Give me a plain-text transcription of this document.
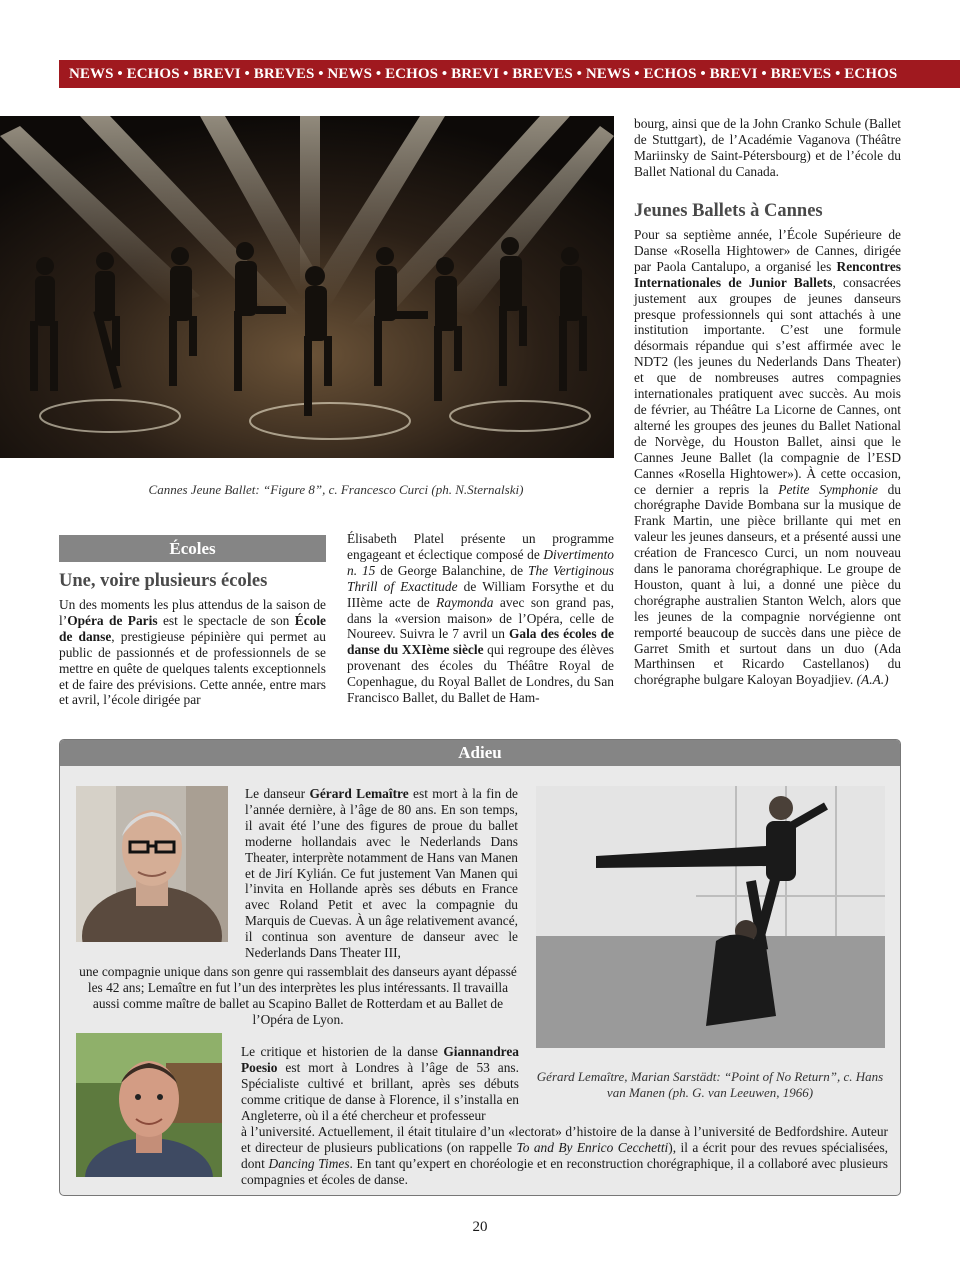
NEWS • ECHOS • BREVI • BREVES • NEWS • ECHOS • BREVI • BREVES • NEWS • ECHOS • BREVI • BREVES • ECHOS
Cannes Jeune Ballet: “Figure 8”, c. Francesco Curci (ph. N.Sternalski)

bourg, ainsi que de la John Cranko Schule (Ballet de Stuttgart), de l’Académie Vaganova (Théâtre Mariinsky de Saint-Pétersbourg) et de l’école du Ballet National du Canada.

Jeunes Ballets à Cannes

Pour sa septième année, l’École Supérieure de Danse «Rosella Hightower» de Cannes, dirigée par Paola Cantalupo, a organisé les Rencontres Internationales de Junior Ballets, consacrées justement aux groupes de jeunes danseurs presque professionnels qui sont attachés à une institution importante. C’est une formule désormais répandue qui s’est affirmée avec le NDT2 (les jeunes du Nederlands Dans Theater) et que de nombreuses autres compagnies internationales pratiquent avec succès. Au mois de février, au Théâtre La Licorne de Cannes, ont alterné les groupes des jeunes du Ballet National de Norvège, du Houston Ballet, ainsi que le Cannes Jeune Ballet (la compagnie de l’ESD Cannes «Rosella Hightower»). À cette occasion, ce dernier a repris la Petite Symphonie du chorégraphe Davide Bombana sur la musique de Frank Martin, une pièce brillante qui met en valeur les jeunes danseurs, et a présenté aussi une création de Francesco Curci, un nom nouveau dans le panorama chorégraphique. Le groupe de Houston, quant à lui, a donné une pièce du chorégraphe australien Stanton Welch, alors que les jeunes de la compagnie norvégienne ont remporté beaucoup de succès dans une pièce de Garret Smith et surtout dans un duo (Ada Marthinsen et Ricardo Castellanos) du chorégraphe bulgare Kaloyan Boyadjiev. (A.A.)

Écoles
Une, voire plusieurs écoles

Un des moments les plus attendus de la saison de l’Opéra de Paris est le spectacle de son École de danse, prestigieuse pépinière qui permet au public de passionnés et de professionnels de se mettre en quête de quelques talents exceptionnels et de faire des prévisions. Cette année, entre mars et avril, l’école dirigée par

Élisabeth Platel présente un programme engageant et éclectique composé de Divertimento n. 15 de George Balanchine, de The Vertiginous Thrill of Exactitude de William Forsythe et du IIIème acte de Raymonda avec son grand pas, dans la «version maison» de l’Opéra, celle de Noureev. Suivra le 7 avril un Gala des écoles de danse du XXIème siècle qui regroupe des élèves provenant des écoles du Théâtre Royal de Copenhague, du Royal Ballet de Londres, du San Francisco Ballet, du Ballet de Ham-

Adieu

Le danseur Gérard Lemaître est mort à la fin de l’année dernière, à l’âge de 80 ans. En son temps, il avait été l’une des figures de proue du ballet moderne hollandais avec le Nederlands Dans Theater, interprète notamment de Hans van Manen et de Jirí Kylián. Ce fut justement Van Manen qui l’invita en Hollande après ses débuts en France avec Roland Petit et avec la compagnie du Marquis de Cuevas. À un âge relativement avancé, il continua son aventure de danseur avec le Nederlands Dans Theater III,

une compagnie unique dans son genre qui rassemblait des danseurs ayant dépassé les 42 ans; Lemaître en fut l’un des interprètes les plus intéressants. Il travailla aussi comme maître de ballet au Scapino Ballet de Rotterdam et au Ballet de l’Opéra de Lyon.

Gérard Lemaître, Marian Sarstädt: “Point of No Return”, c. Hans van Manen (ph. G. van Leeuwen, 1966)

Le critique et historien de la danse Giannandrea Poesio est mort à Londres à l’âge de 53 ans. Spécialiste cultivé et brillant, après ses débuts comme critique de danse à Florence, il s’installa en Angleterre, où il a été chercheur et professeur

à l’université. Actuellement, il était titulaire d’un «lectorat» d’histoire de la danse à l’université de Bedfordshire. Auteur et directeur de plusieurs publications (on rappelle To and By Enrico Cecchetti), il a écrit pour des revues spécialisées, dont Dancing Times. En tant qu’expert en choréologie et en reconstruction chorégraphique, il a collaboré avec plusieurs compagnies et écoles de danse.

20
